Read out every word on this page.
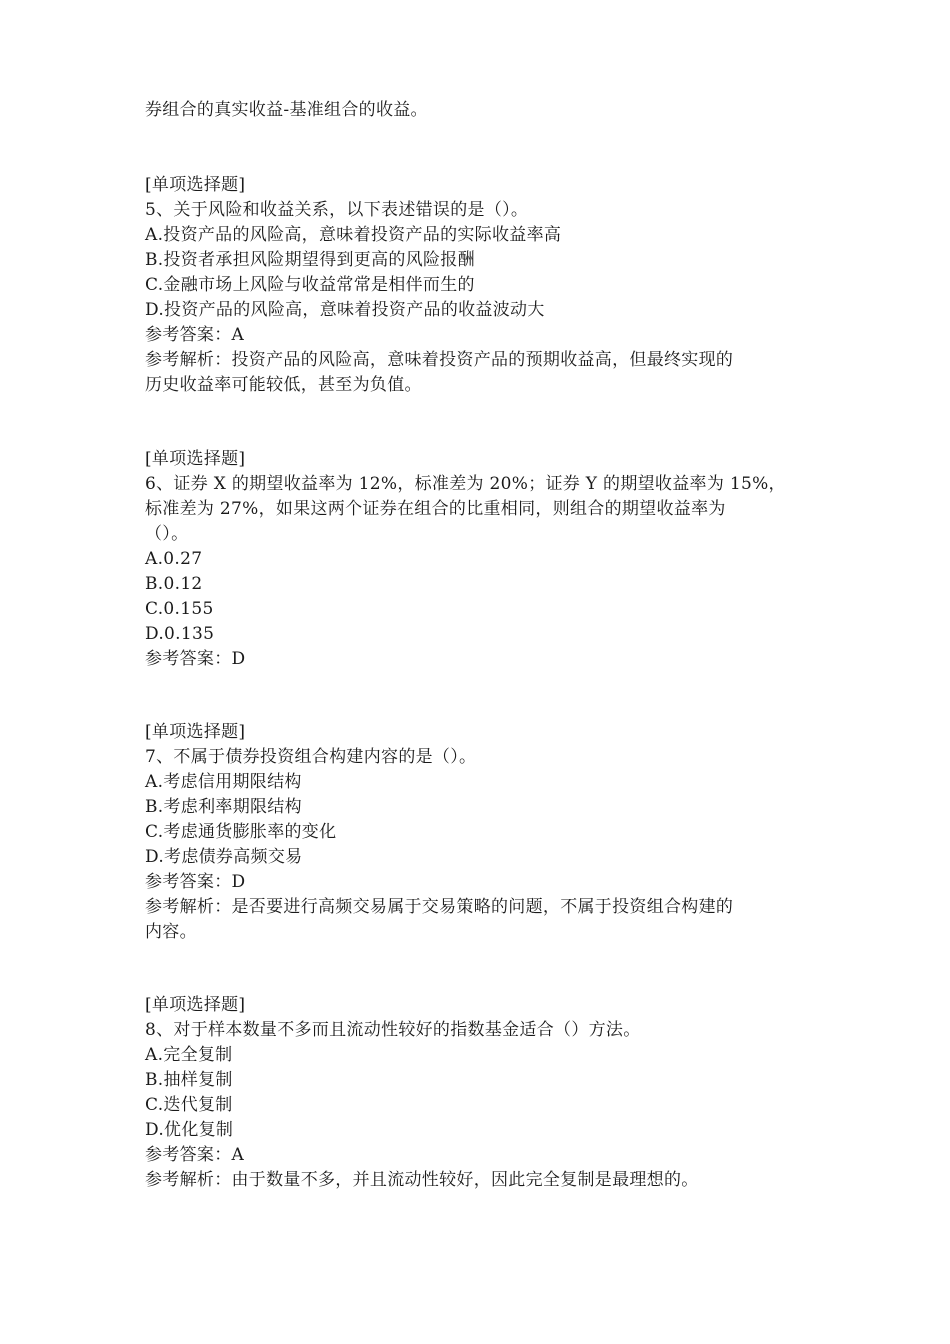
券组合的真实收益-基准组合的收益。
[单项选择题]
5、关于风险和收益关系，以下表述错误的是（）。
A.投资产品的风险高，意味着投资产品的实际收益率高
B.投资者承担风险期望得到更高的风险报酬
C.金融市场上风险与收益常常是相伴而生的
D.投资产品的风险高，意味着投资产品的收益波动大
参考答案：A
参考解析：投资产品的风险高，意味着投资产品的预期收益高，但最终实现的
历史收益率可能较低，甚至为负值。
[单项选择题]
6、证券 X 的期望收益率为 12%，标准差为 20%；证券 Y 的期望收益率为 15%，
标准差为 27%，如果这两个证券在组合的比重相同，则组合的期望收益率为
（）。
A.0.27
B.0.12
C.0.155
D.0.135
参考答案：D
[单项选择题]
7、不属于债券投资组合构建内容的是（）。
A.考虑信用期限结构
B.考虑利率期限结构
C.考虑通货膨胀率的变化
D.考虑债券高频交易
参考答案：D
参考解析：是否要进行高频交易属于交易策略的问题，不属于投资组合构建的
内容。
[单项选择题]
8、对于样本数量不多而且流动性较好的指数基金适合（）方法。
A.完全复制
B.抽样复制
C.迭代复制
D.优化复制
参考答案：A
参考解析：由于数量不多，并且流动性较好，因此完全复制是最理想的。
